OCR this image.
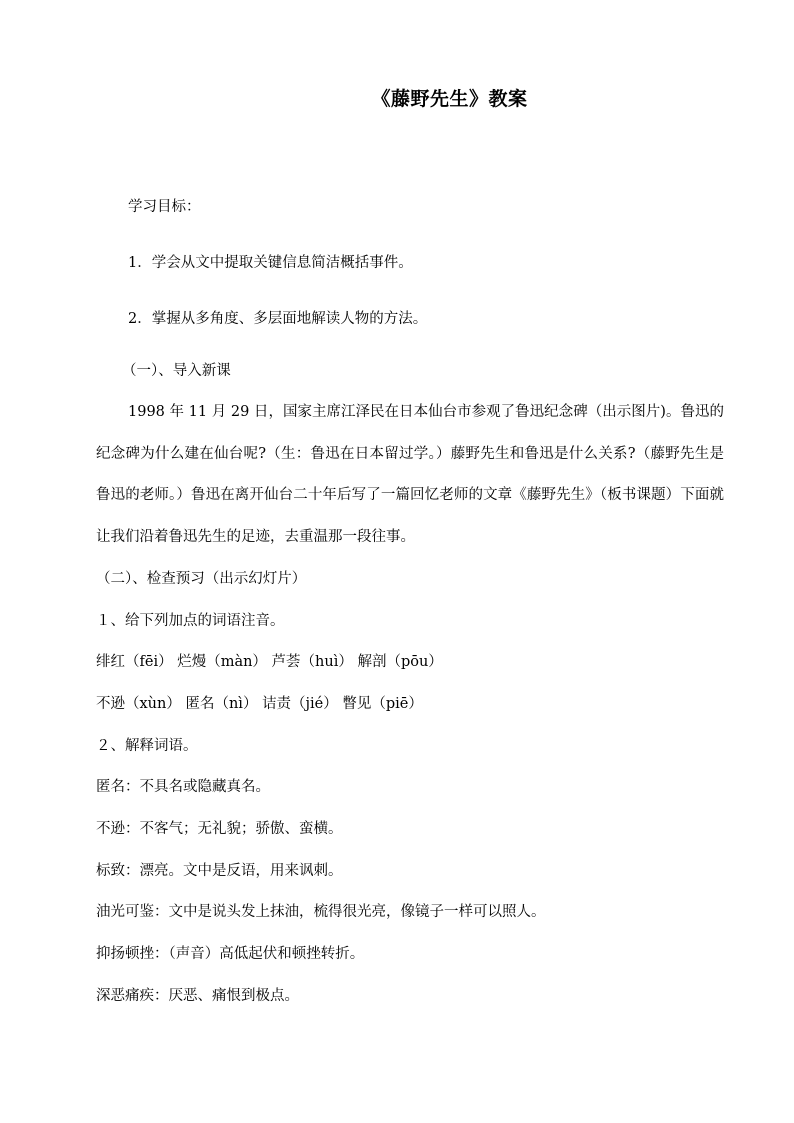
《藤野先生》教案
学习目标：
1．学会从文中提取关键信息简洁概括事件。
2．掌握从多角度、多层面地解读人物的方法。
（一）、导入新课
1998 年 11 月 29 日，国家主席江泽民在日本仙台市参观了鲁迅纪念碑（出示图片)。鲁迅的纪念碑为什么建在仙台呢?（生：鲁迅在日本留过学。）藤野先生和鲁迅是什么关系?（藤野先生是鲁迅的老师。）鲁迅在离开仙台二十年后写了一篇回忆老师的文章《藤野先生》（板书课题）下面就让我们沿着鲁迅先生的足迹，去重温那一段往事。
（二）、检查预习（出示幻灯片）
１、给下列加点的词语注音。
绯红（fēi） 烂熳（màn） 芦荟（huì） 解剖（pōu）
不逊（xùn） 匿名（nì） 诘责（jié） 瞥见（piē）
２、解释词语。
匿名：不具名或隐藏真名。
不逊：不客气；无礼貌；骄傲、蛮横。
标致：漂亮。文中是反语，用来讽刺。
油光可鉴：文中是说头发上抹油，梳得很光亮，像镜子一样可以照人。
抑扬顿挫：（声音）高低起伏和顿挫转折。
深恶痛疾：厌恶、痛恨到极点。
